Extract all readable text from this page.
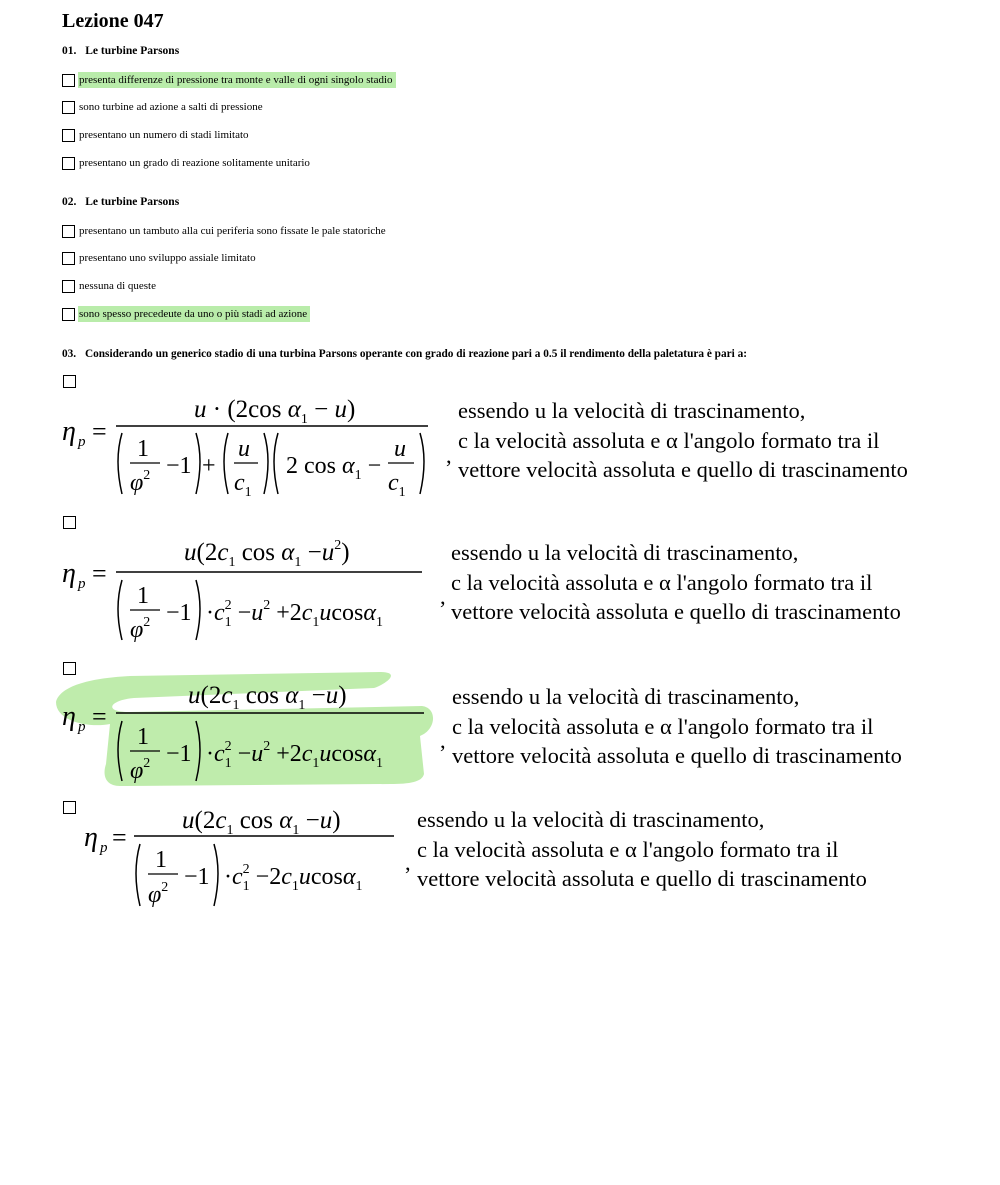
Lezione 047
01. Le turbine Parsons
presenta differenze di pressione tra monte e valle di ogni singolo stadio
sono turbine ad azione a salti di pressione
presentano un numero di stadi limitato
presentano un grado di reazione solitamente unitario
02. Le turbine Parsons
presentano un tambuto alla cui periferia sono fissate le pale statoriche
presentano uno sviluppo assiale limitato
nessuna di queste
sono spesso precedeute da uno o più stadi ad azione
03. Considerando un generico stadio di una turbina Parsons operante con grado di reazione pari a 0.5 il rendimento della paletatura è pari a:
η p =
u · (2cos $\alpha_1 - u$)
1
$\varphi^2 -1$ +
u
$c_1$
2 $\cos \alpha_1$ −
u
$c_1$
,
essendo u la velocità di trascinamento,
c la velocità assoluta e α l'angolo formato tra il
vettore velocità assoluta e quello di trascinamento
η p =
$u(2c_1$ $\cos \alpha_1 -u^2$)
1
$\varphi^2 -1 \cdot c_12 -u^2 +2c_1ucos\alpha_1$
,
essendo u la velocità di trascinamento,
c la velocità assoluta e α l'angolo formato tra il
vettore velocità assoluta e quello di trascinamento
η p =
$u(2c_1$ $\cos \alpha_1 -u$)
1
$\varphi^2 -1 \cdot c_12 -u^2 +2c_1ucos\alpha_1$
,
essendo u la velocità di trascinamento,
c la velocità assoluta e α l'angolo formato tra il
vettore velocità assoluta e quello di trascinamento
η p =
$u(2c_1$ $\cos \alpha_1 -u$)
1
$\varphi^2 -1 \cdot c_12 -2c_1ucos\alpha_1$
,
essendo u la velocità di trascinamento,
c la velocità assoluta e α l'angolo formato tra il
vettore velocità assoluta e quello di trascinamento
